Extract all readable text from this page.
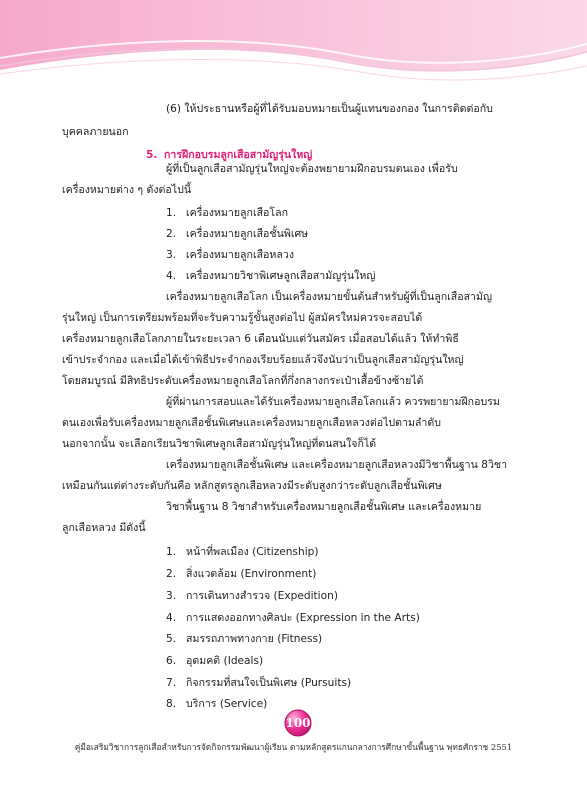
(6) ให้ประธานหรือผู้ที่ได้รับมอบหมายเป็นผู้แทนของกอง ในการติดต่อกับ

บุคคลภายนอก

5. การฝึกอบรมลูกเสือสามัญรุ่นใหญ่

ผู้ที่เป็นลูกเสือสามัญรุ่นใหญ่จะต้องพยายามฝึกอบรมตนเอง เพื่อรับ

เครื่องหมายต่าง ๆ ดังต่อไปนี้

1. เครื่องหมายลูกเสือโลก
2. เครื่องหมายลูกเสือชั้นพิเศษ
3. เครื่องหมายลูกเสือหลวง
4. เครื่องหมายวิชาพิเศษลูกเสือสามัญรุ่นใหญ่

เครื่องหมายลูกเสือโลก เป็นเครื่องหมายขั้นต้นสำหรับผู้ที่เป็นลูกเสือสามัญ

รุ่นใหญ่ เป็นการเตรียมพร้อมที่จะรับความรู้ขั้นสูงต่อไป ผู้สมัครใหม่ควรจะสอบได้

เครื่องหมายลูกเสือโลกภายในระยะเวลา 6 เดือนนับแต่วันสมัคร เมื่อสอบได้แล้ว ให้ทำพิธี

เข้าประจำกอง และเมื่อได้เข้าพิธีประจำกองเรียบร้อยแล้วจึงนับว่าเป็นลูกเสือสามัญรุ่นใหญ่

โดยสมบูรณ์ มีสิทธิประดับเครื่องหมายลูกเสือโลกที่กึ่งกลางกระเป๋าเสื้อข้างซ้ายได้

ผู้ที่ผ่านการสอบและได้รับเครื่องหมายลูกเสือโลกแล้ว ควรพยายามฝึกอบรม

ตนเองเพื่อรับเครื่องหมายลูกเสือชั้นพิเศษและเครื่องหมายลูกเสือหลวงต่อไปตามลำดับ

นอกจากนั้น จะเลือกเรียนวิชาพิเศษลูกเสือสามัญรุ่นใหญ่ที่ตนสนใจก็ได้

เครื่องหมายลูกเสือชั้นพิเศษ และเครื่องหมายลูกเสือหลวงมีวิชาพื้นฐาน 8วิชา

เหมือนกันแต่ต่างระดับกันคือ หลักสูตรลูกเสือหลวงมีระดับสูงกว่าระดับลูกเสือชั้นพิเศษ

วิชาพื้นฐาน 8 วิชาสำหรับเครื่องหมายลูกเสือชั้นพิเศษ และเครื่องหมาย

ลูกเสือหลวง มีดังนี้

1. หน้าที่พลเมือง (Citizenship)
2. สิ่งแวดล้อม (Environment)
3. การเดินทางสำรวจ (Expedition)
4. การแสดงออกทางศิลปะ (Expression in the Arts)
5. สมรรถภาพทางกาย (Fitness)
6. อุดมคติ (Ideals)
7. กิจกรรมที่สนใจเป็นพิเศษ (Pursuits)
8. บริการ (Service)
100
คู่มือเสริมวิชาการลูกเสือสำหรับการจัดกิจกรรมพัฒนาผู้เรียน ตามหลักสูตรแกนกลางการศึกษาขั้นพื้นฐาน พุทธศักราช 2551
